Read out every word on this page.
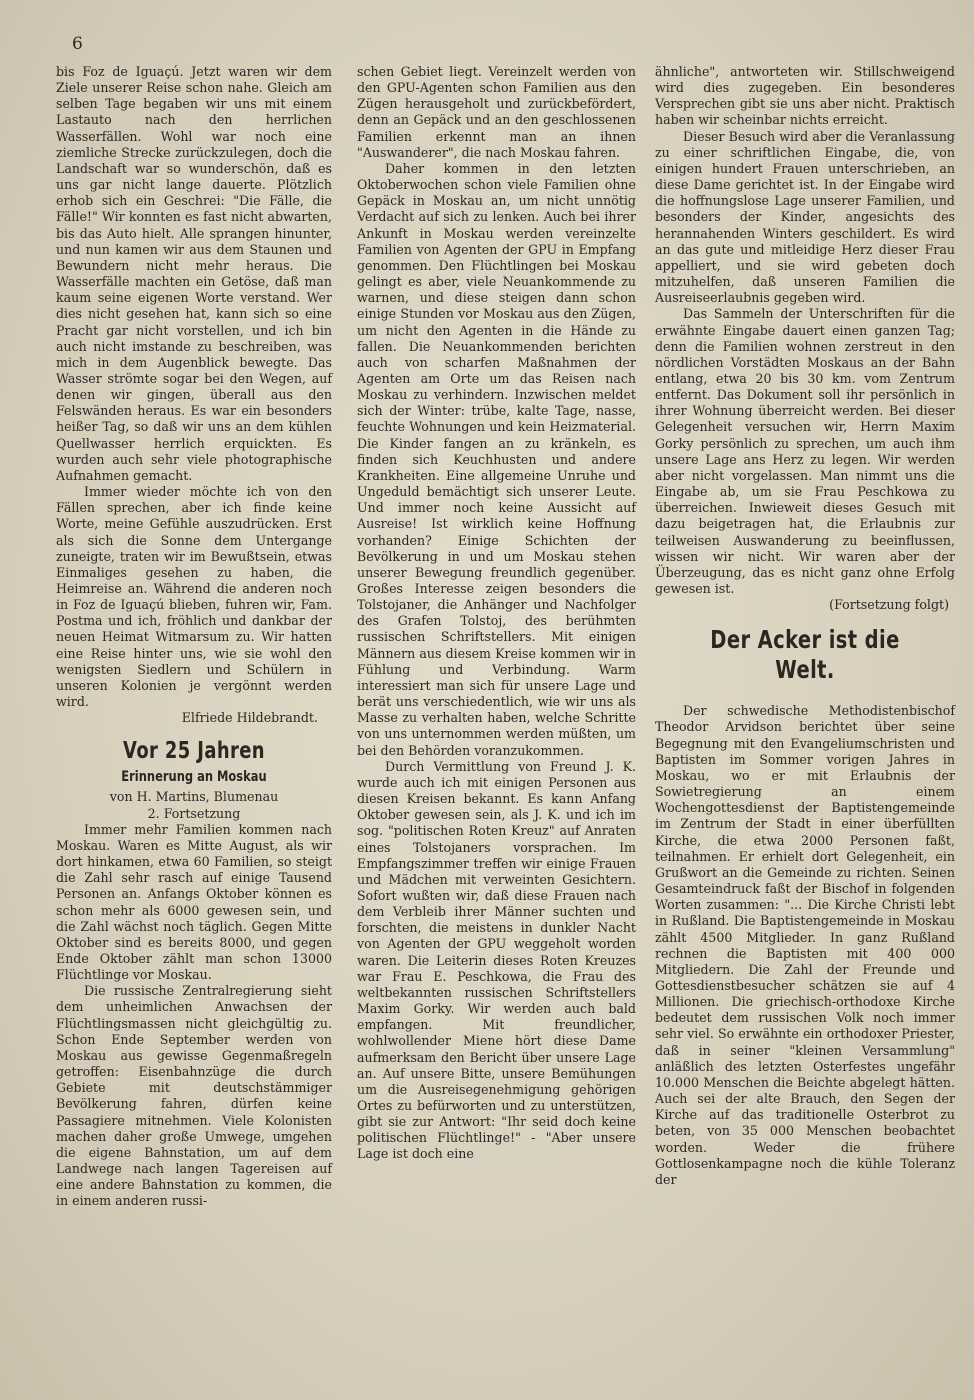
6

bis Foz de Iguaçú. Jetzt waren wir dem Ziele unserer Reise schon nahe. Gleich am selben Tage begaben wir uns mit einem Lastauto nach den herrlichen Wasserfällen. Wohl war noch eine ziemliche Strecke zurückzulegen, doch die Landschaft war so wunderschön, daß es uns gar nicht lange dauerte. Plötzlich erhob sich ein Geschrei: "Die Fälle, die Fälle!" Wir konnten es fast nicht abwarten, bis das Auto hielt. Alle sprangen hinunter, und nun kamen wir aus dem Staunen und Bewundern nicht mehr heraus. Die Wasserfälle machten ein Getöse, daß man kaum seine eigenen Worte verstand. Wer dies nicht gesehen hat, kann sich so eine Pracht gar nicht vorstellen, und ich bin auch nicht imstande zu beschreiben, was mich in dem Augenblick bewegte. Das Wasser strömte sogar bei den Wegen, auf denen wir gingen, überall aus den Felswänden heraus. Es war ein besonders heißer Tag, so daß wir uns an dem kühlen Quellwasser herrlich erquickten. Es wurden auch sehr viele photographische Aufnahmen gemacht.

Immer wieder möchte ich von den Fällen sprechen, aber ich finde keine Worte, meine Gefühle auszudrücken. Erst als sich die Sonne dem Untergange zuneigte, traten wir im Bewußtsein, etwas Einmaliges gesehen zu haben, die Heimreise an. Während die anderen noch in Foz de Iguaçú blieben, fuhren wir, Fam. Postma und ich, fröhlich und dankbar der neuen Heimat Witmarsum zu. Wir hatten eine Reise hinter uns, wie sie wohl den wenigsten Siedlern und Schülern in unseren Kolonien je vergönnt werden wird.

Elfriede Hildebrandt.

Vor 25 Jahren
Erinnerung an Moskau

von H. Martins, Blumenau

2. Fortsetzung

Immer mehr Familien kommen nach Moskau. Waren es Mitte August, als wir dort hinkamen, etwa 60 Familien, so steigt die Zahl sehr rasch auf einige Tausend Personen an. Anfangs Oktober können es schon mehr als 6000 gewesen sein, und die Zahl wächst noch täglich. Gegen Mitte Oktober sind es bereits 8000, und gegen Ende Oktober zählt man schon 13000 Flüchtlinge vor Moskau.

Die russische Zentralregierung sieht dem unheimlichen Anwachsen der Flüchtlingsmassen nicht gleichgültig zu. Schon Ende September werden von Moskau aus gewisse Gegenmaßregeln getroffen: Eisenbahnzüge die durch Gebiete mit deutschstämmiger Bevölkerung fahren, dürfen keine Passagiere mitnehmen. Viele Kolonisten machen daher große Umwege, umgehen die eigene Bahnstation, um auf dem Landwege nach langen Tagereisen auf eine andere Bahnstation zu kommen, die in einem anderen russi-

schen Gebiet liegt. Vereinzelt werden von den GPU-Agenten schon Familien aus den Zügen herausgeholt und zurückbefördert, denn an Gepäck und an den geschlossenen Familien erkennt man an ihnen "Auswanderer", die nach Moskau fahren.

Daher kommen in den letzten Oktoberwochen schon viele Familien ohne Gepäck in Moskau an, um nicht unnötig Verdacht auf sich zu lenken. Auch bei ihrer Ankunft in Moskau werden vereinzelte Familien von Agenten der GPU in Empfang genommen. Den Flüchtlingen bei Moskau gelingt es aber, viele Neuankommende zu warnen, und diese steigen dann schon einige Stunden vor Moskau aus den Zügen, um nicht den Agenten in die Hände zu fallen. Die Neuankommenden berichten auch von scharfen Maßnahmen der Agenten am Orte um das Reisen nach Moskau zu verhindern. Inzwischen meldet sich der Winter: trübe, kalte Tage, nasse, feuchte Wohnungen und kein Heizmaterial. Die Kinder fangen an zu kränkeln, es finden sich Keuchhusten und andere Krankheiten. Eine allgemeine Unruhe und Ungeduld bemächtigt sich unserer Leute. Und immer noch keine Aussicht auf Ausreise! Ist wirklich keine Hoffnung vorhanden? Einige Schichten der Bevölkerung in und um Moskau stehen unserer Bewegung freundlich gegenüber. Großes Interesse zeigen besonders die Tolstojaner, die Anhänger und Nachfolger des Grafen Tolstoj, des berühmten russischen Schriftstellers. Mit einigen Männern aus diesem Kreise kommen wir in Fühlung und Verbindung. Warm interessiert man sich für unsere Lage und berät uns verschiedentlich, wie wir uns als Masse zu verhalten haben, welche Schritte von uns unternommen werden müßten, um bei den Behörden voranzukommen.

Durch Vermittlung von Freund J. K. wurde auch ich mit einigen Personen aus diesen Kreisen bekannt. Es kann Anfang Oktober gewesen sein, als J. K. und ich im sog. "politischen Roten Kreuz" auf Anraten eines Tolstojaners vorsprachen. Im Empfangszimmer treffen wir einige Frauen und Mädchen mit verweinten Gesichtern. Sofort wußten wir, daß diese Frauen nach dem Verbleib ihrer Männer suchten und forschten, die meistens in dunkler Nacht von Agenten der GPU weggeholt worden waren. Die Leiterin dieses Roten Kreuzes war Frau E. Peschkowa, die Frau des weltbekannten russischen Schriftstellers Maxim Gorky. Wir werden auch bald empfangen. Mit freundlicher, wohlwollender Miene hört diese Dame aufmerksam den Bericht über unsere Lage an. Auf unsere Bitte, unsere Bemühungen um die Ausreisegenehmigung gehörigen Ortes zu befürworten und zu unterstützen, gibt sie zur Antwort: "Ihr seid doch keine politischen Flüchtlinge!" - "Aber unsere Lage ist doch eine

ähnliche", antworteten wir. Stillschweigend wird dies zugegeben. Ein besonderes Versprechen gibt sie uns aber nicht. Praktisch haben wir scheinbar nichts erreicht.

Dieser Besuch wird aber die Veranlassung zu einer schriftlichen Eingabe, die, von einigen hundert Frauen unterschrieben, an diese Dame gerichtet ist. In der Eingabe wird die hoffnungslose Lage unserer Familien, und besonders der Kinder, angesichts des herannahenden Winters geschildert. Es wird an das gute und mitleidige Herz dieser Frau appelliert, und sie wird gebeten doch mitzuhelfen, daß unseren Familien die Ausreiseerlaubnis gegeben wird.

Das Sammeln der Unterschriften für die erwähnte Eingabe dauert einen ganzen Tag; denn die Familien wohnen zerstreut in den nördlichen Vorstädten Moskaus an der Bahn entlang, etwa 20 bis 30 km. vom Zentrum entfernt. Das Dokument soll ihr persönlich in ihrer Wohnung überreicht werden. Bei dieser Gelegenheit versuchen wir, Herrn Maxim Gorky persönlich zu sprechen, um auch ihm unsere Lage ans Herz zu legen. Wir werden aber nicht vorgelassen. Man nimmt uns die Eingabe ab, um sie Frau Peschkowa zu überreichen. Inwieweit dieses Gesuch mit dazu beigetragen hat, die Erlaubnis zur teilweisen Auswanderung zu beeinflussen, wissen wir nicht. Wir waren aber der Überzeugung, das es nicht ganz ohne Erfolg gewesen ist.

(Fortsetzung folgt)

Der Acker ist die Welt.

Der schwedische Methodistenbischof Theodor Arvidson berichtet über seine Begegnung mit den Evangeliumschristen und Baptisten im Sommer vorigen Jahres in Moskau, wo er mit Erlaubnis der Sowietregierung an einem Wochengottesdienst der Baptistengemeinde im Zentrum der Stadt in einer überfüllten Kirche, die etwa 2000 Personen faßt, teilnahmen. Er erhielt dort Gelegenheit, ein Grußwort an die Gemeinde zu richten. Seinen Gesamteindruck faßt der Bischof in folgenden Worten zusammen: "... Die Kirche Christi lebt in Rußland. Die Baptistengemeinde in Moskau zählt 4500 Mitglieder. In ganz Rußland rechnen die Baptisten mit 400 000 Mitgliedern. Die Zahl der Freunde und Gottesdienstbesucher schätzen sie auf 4 Millionen. Die griechisch-orthodoxe Kirche bedeutet dem russischen Volk noch immer sehr viel. So erwähnte ein orthodoxer Priester, daß in seiner "kleinen Versammlung" anläßlich des letzten Osterfestes ungefähr 10.000 Menschen die Beichte abgelegt hätten. Auch sei der alte Brauch, den Segen der Kirche auf das traditionelle Osterbrot zu beten, von 35 000 Menschen beobachtet worden. Weder die frühere Gottlosenkampagne noch die kühle Toleranz der
